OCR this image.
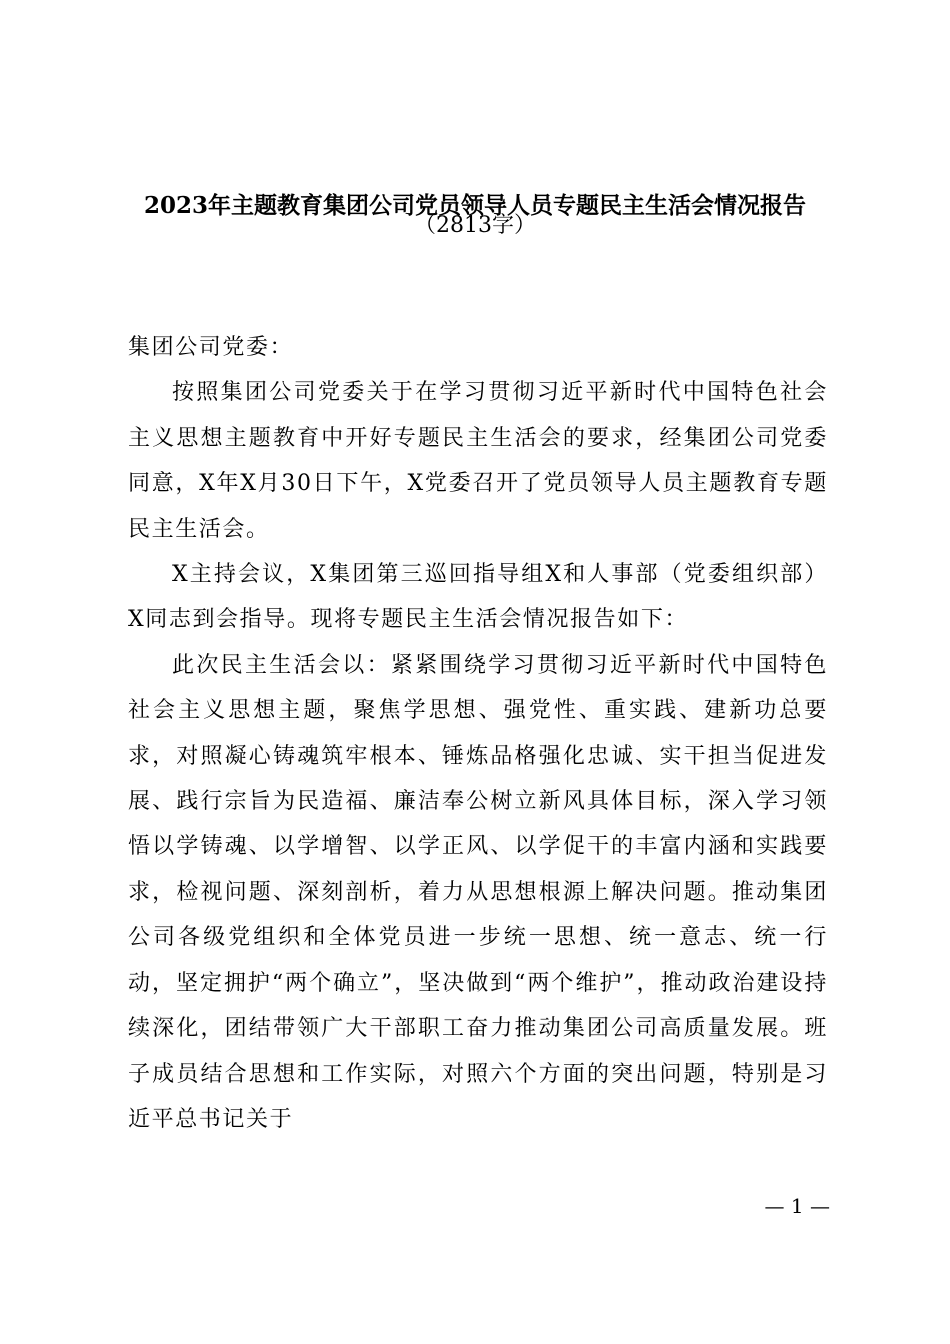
2023年主题教育集团公司党员领导人员专题民主生活会情况报告
（2813字）

集团公司党委：

按照集团公司党委关于在学习贯彻习近平新时代中国特色社会主义思想主题教育中开好专题民主生活会的要求，经集团公司党委同意，X年X月30日下午，X党委召开了党员领导人员主题教育专题民主生活会。

X主持会议，X集团第三巡回指导组X和人事部（党委组织部）X同志到会指导。现将专题民主生活会情况报告如下：

此次民主生活会以：紧紧围绕学习贯彻习近平新时代中国特色社会主义思想主题，聚焦学思想、强党性、重实践、建新功总要求，对照凝心铸魂筑牢根本、锤炼品格强化忠诚、实干担当促进发展、践行宗旨为民造福、廉洁奉公树立新风具体目标，深入学习领悟以学铸魂、以学增智、以学正风、以学促干的丰富内涵和实践要求，检视问题、深刻剖析，着力从思想根源上解决问题。推动集团公司各级党组织和全体党员进一步统一思想、统一意志、统一行动，坚定拥护“两个确立”，坚决做到“两个维护”，推动政治建设持续深化，团结带领广大干部职工奋力推动集团公司高质量发展。班子成员结合思想和工作实际，对照六个方面的突出问题，特别是习近平总书记关于

— 1 —
